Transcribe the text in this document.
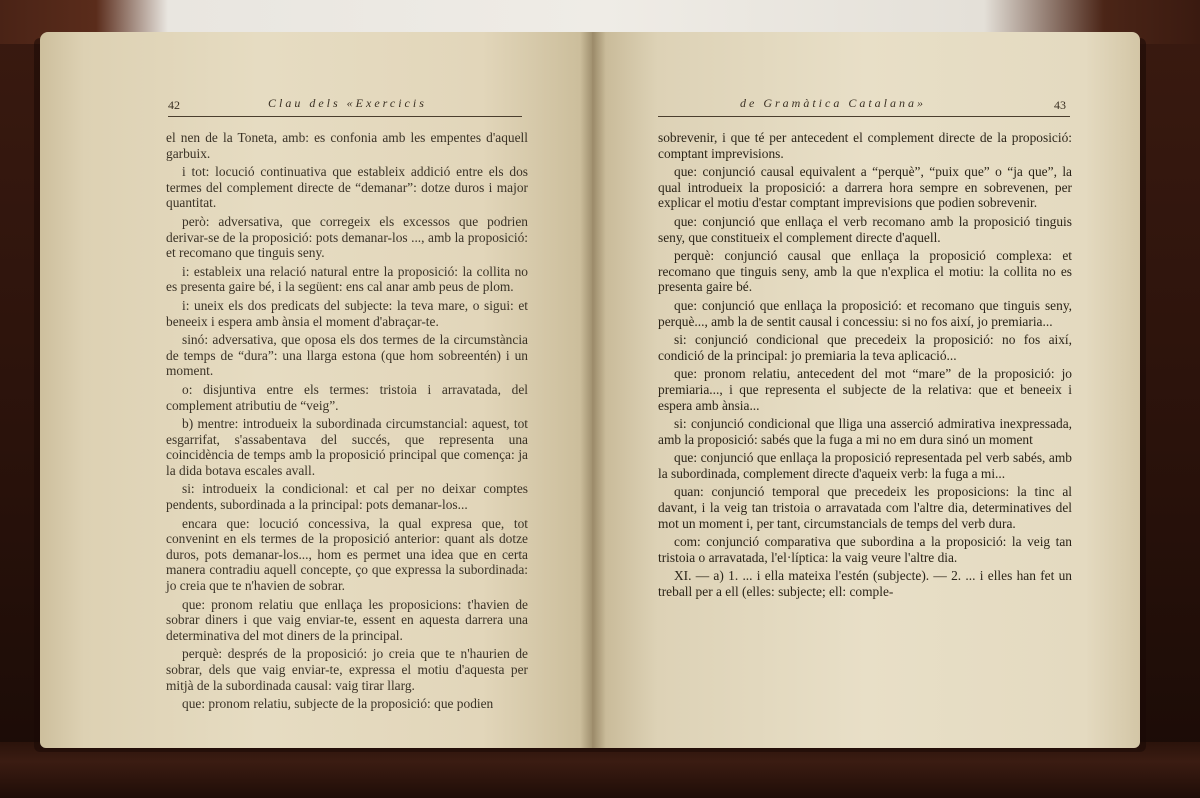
42	Clau dels «Exercicis

el nen de la Toneta, amb: es confonia amb les empentes d'aquell garbuix.

i tot: locució continuativa que estableix addició entre els dos termes del complement directe de “demanar”: dotze duros i major quantitat.

però: adversativa, que corregeix els excessos que podrien derivar-se de la proposició: pots demanar-los ..., amb la proposició: et recomano que tinguis seny.

i: estableix una relació natural entre la proposició: la collita no es presenta gaire bé, i la següent: ens cal anar amb peus de plom.

i: uneix els dos predicats del subjecte: la teva mare, o sigui: et beneeix i espera amb ànsia el moment d'abraçar-te.

sinó: adversativa, que oposa els dos termes de la circumstància de temps de “dura”: una llarga estona (que hom sobreentén) i un moment.

o: disjuntiva entre els termes: tristoia i arravatada, del complement atributiu de “veig”.

b) mentre: introdueix la subordinada circumstancial: aquest, tot esgarrifat, s'assabentava del succés, que representa una coincidència de temps amb la proposició principal que comença: ja la dida botava escales avall.

si: introdueix la condicional: et cal per no deixar comptes pendents, subordinada a la principal: pots demanar-los...

encara que: locució concessiva, la qual expresa que, tot convenint en els termes de la proposició anterior: quant als dotze duros, pots demanar-los..., hom es permet una idea que en certa manera contradiu aquell concepte, ço que expressa la subordinada: jo creia que te n'havien de sobrar.

que: pronom relatiu que enllaça les proposicions: t'havien de sobrar diners i que vaig enviar-te, essent en aquesta darrera una determinativa del mot diners de la principal.

perquè: després de la proposició: jo creia que te n'haurien de sobrar, dels que vaig enviar-te, expressa el motiu d'aquesta per mitjà de la subordinada causal: vaig tirar llarg.

que: pronom relatiu, subjecte de la proposició: que podien

de Gramàtica Catalana»	43

sobrevenir, i que té per antecedent el complement directe de la proposició: comptant imprevisions.

que: conjunció causal equivalent a “perquè”, “puix que” o “ja que”, la qual introdueix la proposició: a darrera hora sempre en sobrevenen, per explicar el motiu d'estar comptant imprevisions que podien sobrevenir.

que: conjunció que enllaça el verb recomano amb la proposició tinguis seny, que constitueix el complement directe d'aquell.

perquè: conjunció causal que enllaça la proposició complexa: et recomano que tinguis seny, amb la que n'explica el motiu: la collita no es presenta gaire bé.

que: conjunció que enllaça la proposició: et recomano que tinguis seny, perquè..., amb la de sentit causal i concessiu: si no fos així, jo premiaria...

si: conjunció condicional que precedeix la proposició: no fos així, condició de la principal: jo premiaria la teva aplicació...

que: pronom relatiu, antecedent del mot “mare” de la proposició: jo premiaria..., i que representa el subjecte de la relativa: que et beneeix i espera amb ànsia...

si: conjunció condicional que lliga una asserció admirativa inexpressada, amb la proposició: sabés que la fuga a mi no em dura sinó un moment

que: conjunció que enllaça la proposició representada pel verb sabés, amb la subordinada, complement directe d'aqueix verb: la fuga a mi...

quan: conjunció temporal que precedeix les proposicions: la tinc al davant, i la veig tan tristoia o arravatada com l'altre dia, determinatives del mot un moment i, per tant, circumstancials de temps del verb dura.

com: conjunció comparativa que subordina a la proposició: la veig tan tristoia o arravatada, l'el·líptica: la vaig veure l'altre dia.

XI. — a) 1. ... i ella mateixa l'estén (subjecte). — 2. ... i elles han fet un treball per a ell (elles: subjecte; ell: comple-
